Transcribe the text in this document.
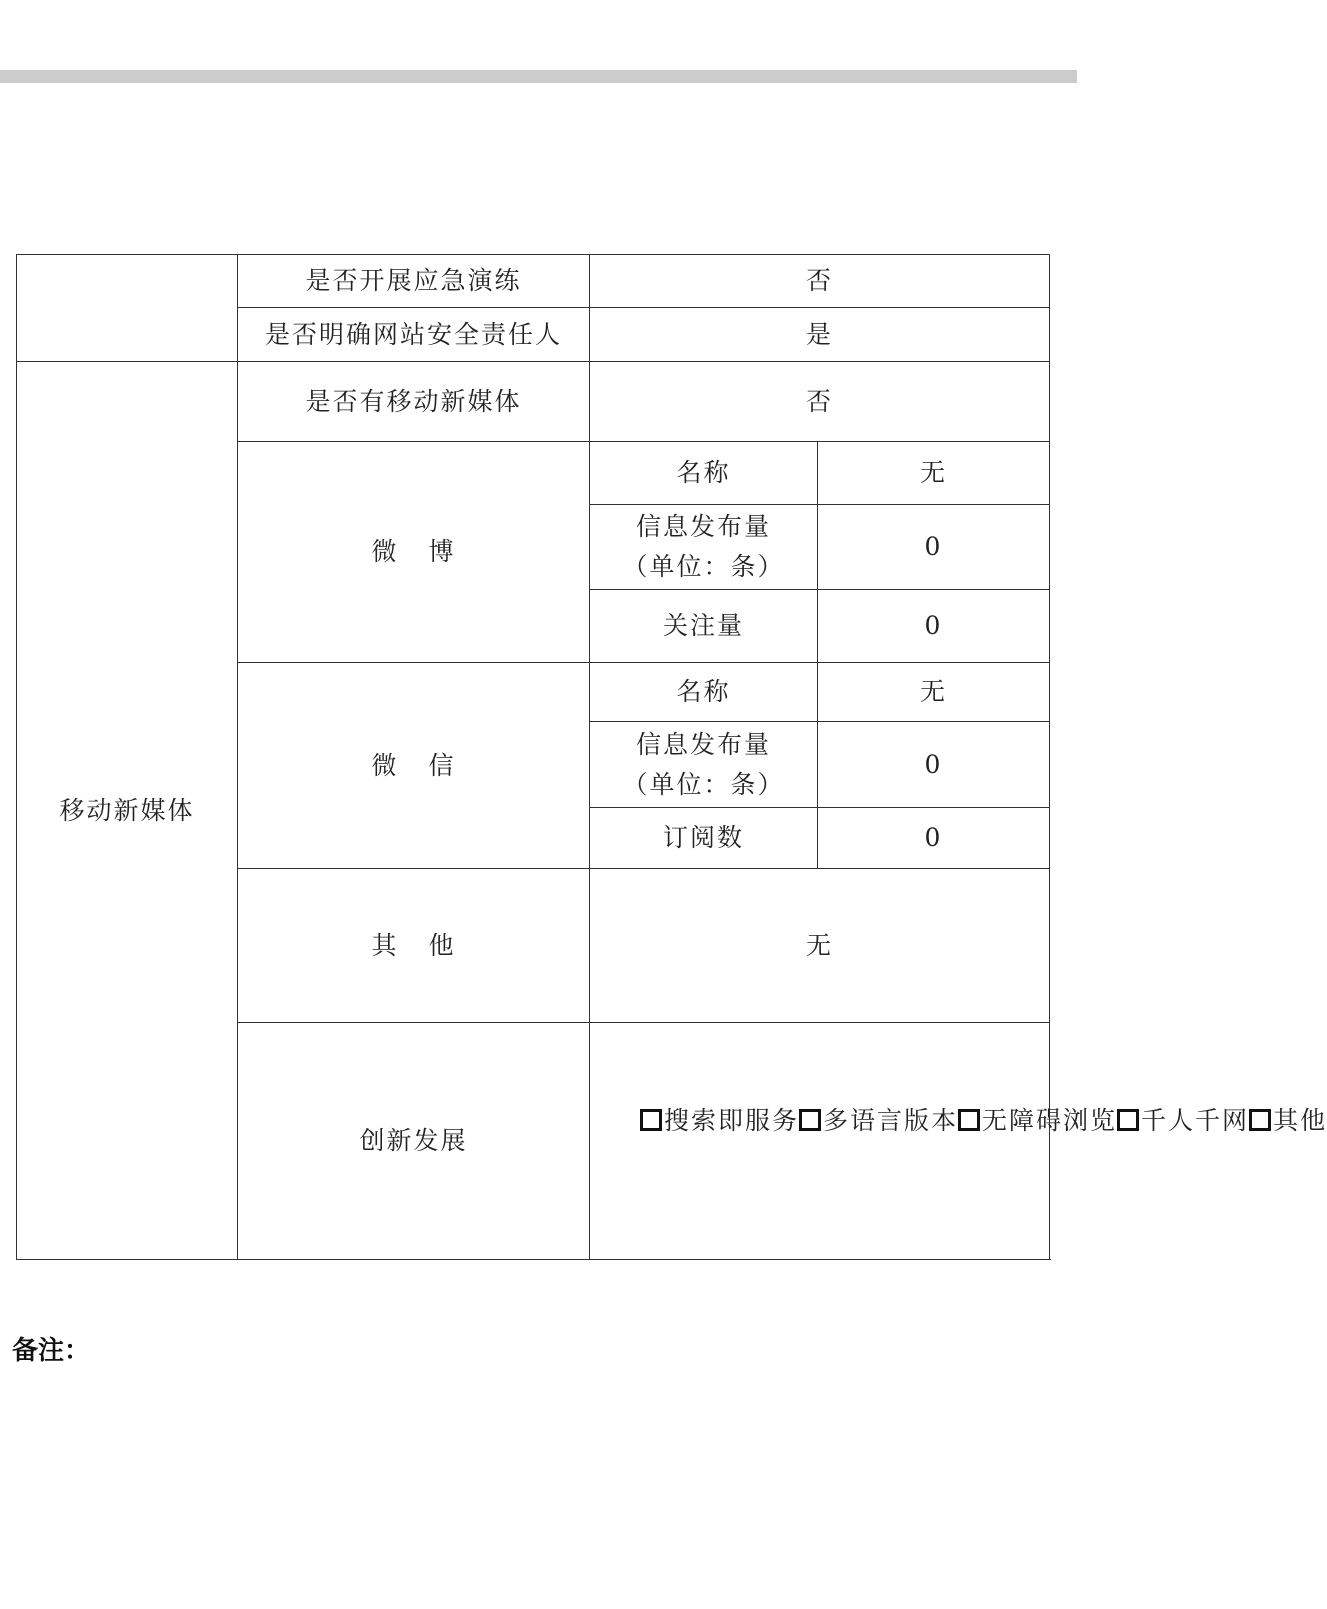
	是否开展应急演练	否	
	是否明确网站安全责任人	是	
移动新媒体	是否有移动新媒体	否	
	微 博	名称	无

		信息发布量
（单位：条）	0
		关注量	0
	微 信	名称	无

		信息发布量
（单位：条）	0
		订阅数	0
	其 他	无	
	创新发展	搜索即服务 多语言版本 无障碍浏览 千人千网 其他	
备注：
